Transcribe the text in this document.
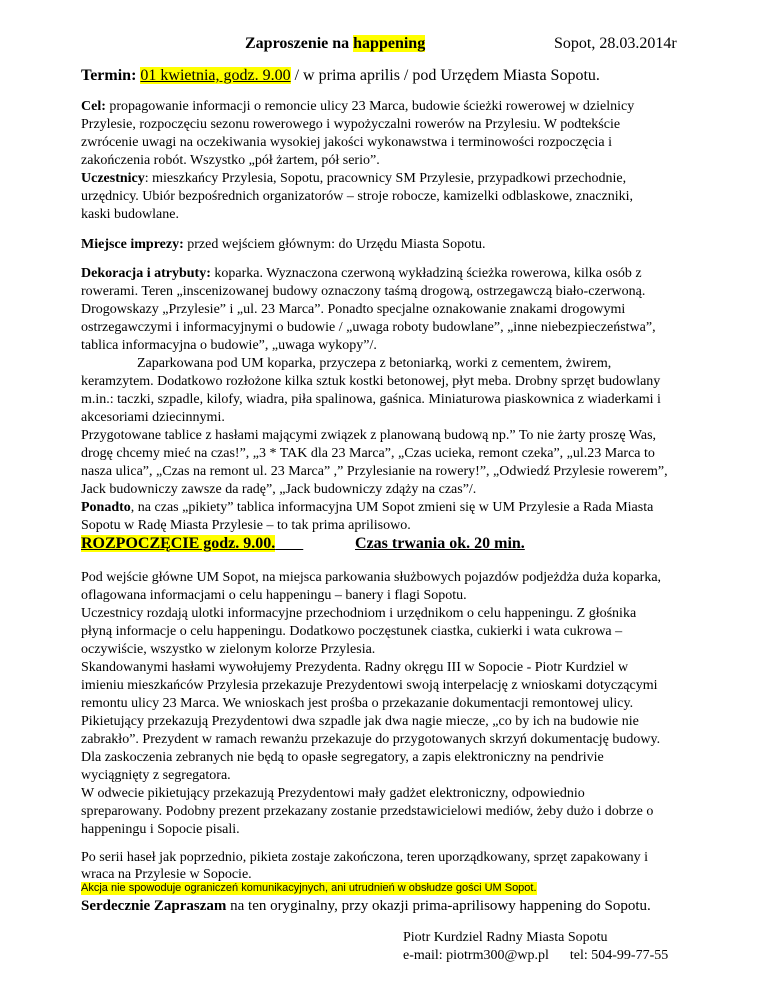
Zaproszenie na happening	Sopot, 28.03.2014r
Termin: 01 kwietnia, godz. 9.00 / w prima aprilis / pod Urzędem Miasta Sopotu.
Cel: propagowanie informacji o remoncie ulicy 23 Marca, budowie ścieżki rowerowej w dzielnicy
Przylesie, rozpoczęciu sezonu rowerowego i wypożyczalni rowerów na Przylesiu. W podtekście
zwrócenie uwagi na oczekiwania wysokiej jakości wykonawstwa i terminowości rozpoczęcia i
zakończenia robót. Wszystko „pół żartem, pół serio”.
Uczestnicy: mieszkańcy Przylesia, Sopotu, pracownicy SM Przylesie, przypadkowi przechodnie,
urzędnicy. Ubiór bezpośrednich organizatorów – stroje robocze, kamizelki odblaskowe, znaczniki,
kaski budowlane.
Miejsce imprezy: przed wejściem głównym: do Urzędu Miasta Sopotu.
Dekoracja i atrybuty: koparka. Wyznaczona czerwoną wykładziną ścieżka rowerowa, kilka osób z
rowerami. Teren „inscenizowanej budowy oznaczony taśmą drogową, ostrzegawczą biało-czerwoną.
Drogowskazy „Przylesie” i „ul. 23 Marca”. Ponadto specjalne oznakowanie znakami drogowymi
ostrzegawczymi i informacyjnymi o budowie / „uwaga roboty budowlane”, „inne niebezpieczeństwa”,
tablica informacyjna o budowie”, „uwaga wykopy”/.
Zaparkowana pod UM koparka, przyczepa z betoniarką, worki z cementem, żwirem,
keramzytem. Dodatkowo rozłożone kilka sztuk kostki betonowej, płyt meba. Drobny sprzęt budowlany
m.in.: taczki, szpadle, kilofy, wiadra, piła spalinowa, gaśnica. Miniaturowa piaskownica z wiaderkami i
akcesoriami dziecinnymi.
Przygotowane tablice z hasłami mającymi związek z planowaną budową np.” To nie żarty proszę Was,
drogę chcemy mieć na czas!”, „3 * TAK dla 23 Marca”, „Czas ucieka, remont czeka”, „ul.23 Marca to
nasza ulica”, „Czas na remont ul. 23 Marca” ,” Przylesianie na rowery!”, „Odwiedź Przylesie rowerem”,
Jack budowniczy zawsze da radę”, „Jack budowniczy zdąży na czas”/.
Ponadto, na czas „pikiety” tablica informacyjna UM Sopot zmieni się w UM Przylesie a Rada Miasta
Sopotu w Radę Miasta Przylesie – to tak prima aprilisowo.
ROZPOCZĘCIE godz. 9.00.	Czas trwania ok. 20 min.
Pod wejście główne UM Sopot, na miejsca parkowania służbowych pojazdów podjeżdża duża koparka,
oflagowana informacjami o celu happeningu – banery i flagi Sopotu.
Uczestnicy rozdają ulotki informacyjne przechodniom i urzędnikom o celu happeningu. Z głośnika
płyną informacje o celu happeningu. Dodatkowo poczęstunek ciastka, cukierki i wata cukrowa –
oczywiście, wszystko w zielonym kolorze Przylesia.
Skandowanymi hasłami wywołujemy Prezydenta. Radny okręgu III w Sopocie - Piotr Kurdziel w
imieniu mieszkańców Przylesia przekazuje Prezydentowi swoją interpelację z wnioskami dotyczącymi
remontu ulicy 23 Marca. We wnioskach jest prośba o przekazanie dokumentacji remontowej ulicy.
Pikietujący przekazują Prezydentowi dwa szpadle jak dwa nagie miecze, „co by ich na budowie nie
zabrakło”. Prezydent w ramach rewanżu przekazuje do przygotowanych skrzyń dokumentację budowy.
Dla zaskoczenia zebranych nie będą to opasłe segregatory, a zapis elektroniczny na pendrivie
wyciągnięty z segregatora.
W odwecie pikietujący przekazują Prezydentowi mały gadżet elektroniczny, odpowiednio
spreparowany. Podobny prezent przekazany zostanie przedstawicielowi mediów, żeby dużo i dobrze o
happeningu i Sopocie pisali.
Po serii haseł jak poprzednio, pikieta zostaje zakończona, teren uporządkowany, sprzęt zapakowany i
wraca na Przylesie w Sopocie.
Akcja nie spowoduje ograniczeń komunikacyjnych, ani utrudnień w obsłudze gości UM Sopot.
Serdecznie Zapraszam na ten oryginalny, przy okazji prima-aprilisowy happening do Sopotu.
Piotr Kurdziel Radny Miasta Sopotu
e-mail: piotrm300@wp.pl tel: 504-99-77-55
